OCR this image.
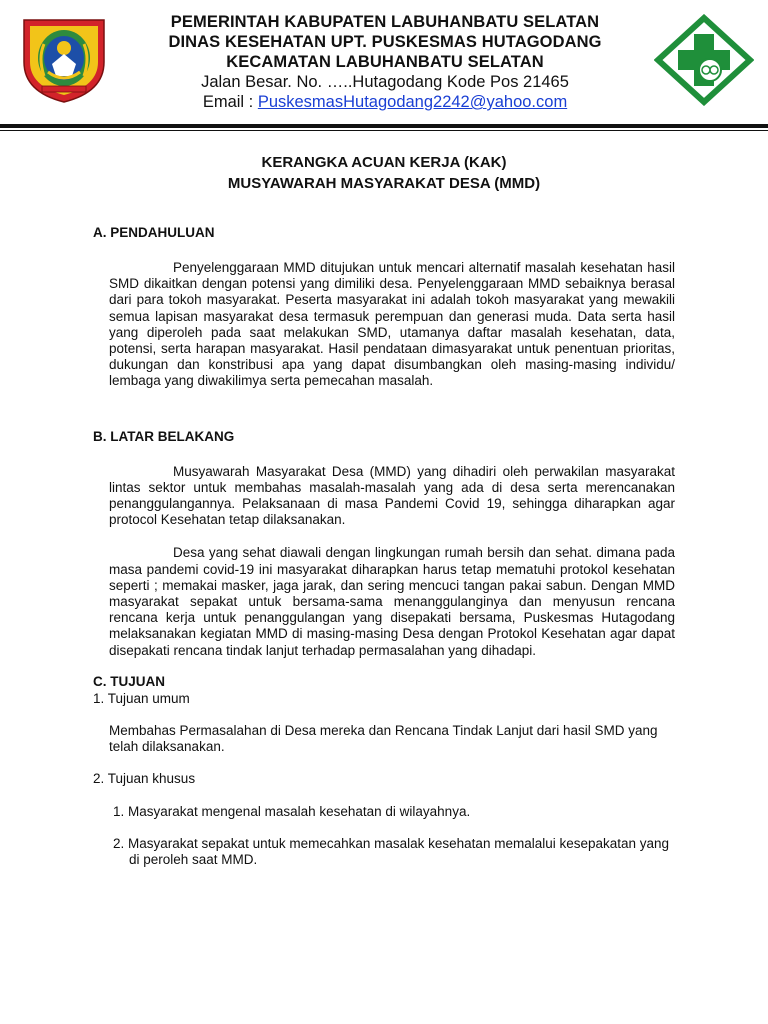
PEMERINTAH KABUPATEN LABUHANBATU SELATAN
DINAS KESEHATAN UPT. PUSKESMAS HUTAGODANG
KECAMATAN LABUHANBATU SELATAN
Jalan Besar. No. …..Hutagodang Kode Pos 21465
Email : PuskesmasHutagodang2242@yahoo.com
KERANGKA ACUAN KERJA (KAK)
MUSYAWARAH MASYARAKAT DESA (MMD)

A. PENDAHULUAN

Penyelenggaraan MMD ditujukan untuk mencari alternatif masalah kesehatan hasil SMD dikaitkan dengan potensi yang dimiliki desa. Penyelenggaraan MMD sebaiknya berasal dari para tokoh masyarakat. Peserta masyarakat ini adalah tokoh masyarakat yang mewakili semua lapisan masyarakat desa termasuk perempuan dan generasi muda. Data serta hasil yang diperoleh pada saat melakukan SMD, utamanya daftar masalah kesehatan, data, potensi, serta harapan masyarakat. Hasil pendataan dimasyarakat untuk penentuan prioritas, dukungan dan konstribusi apa yang dapat disumbangkan oleh masing-masing individu/ lembaga yang diwakilimya serta pemecahan masalah.

B. LATAR BELAKANG

Musyawarah Masyarakat Desa (MMD) yang dihadiri oleh perwakilan masyarakat lintas sektor untuk membahas masalah-masalah yang ada di desa serta merencanakan penanggulangannya. Pelaksanaan di masa Pandemi Covid 19, sehingga diharapkan agar protocol Kesehatan tetap dilaksanakan.

Desa yang sehat diawali dengan lingkungan rumah bersih dan sehat. dimana pada masa pandemi covid-19 ini masyarakat diharapkan harus tetap mematuhi protokol kesehatan seperti ; memakai masker, jaga jarak, dan sering mencuci tangan pakai sabun. Dengan MMD masyarakat sepakat untuk bersama-sama menanggulanginya dan menyusun rencana rencana kerja untuk penanggulangan yang disepakati bersama, Puskesmas Hutagodang melaksanakan kegiatan MMD di masing-masing Desa dengan Protokol Kesehatan agar dapat disepakati rencana tindak lanjut terhadap permasalahan yang dihadapi.

C. TUJUAN

1. Tujuan umum

Membahas Permasalahan di Desa mereka dan Rencana Tindak Lanjut dari hasil SMD yang telah dilaksanakan.

2. Tujuan khusus

1. Masyarakat mengenal masalah kesehatan di wilayahnya.

2. Masyarakat sepakat untuk memecahkan masalak kesehatan memalalui kesepakatan yang di peroleh saat MMD.
